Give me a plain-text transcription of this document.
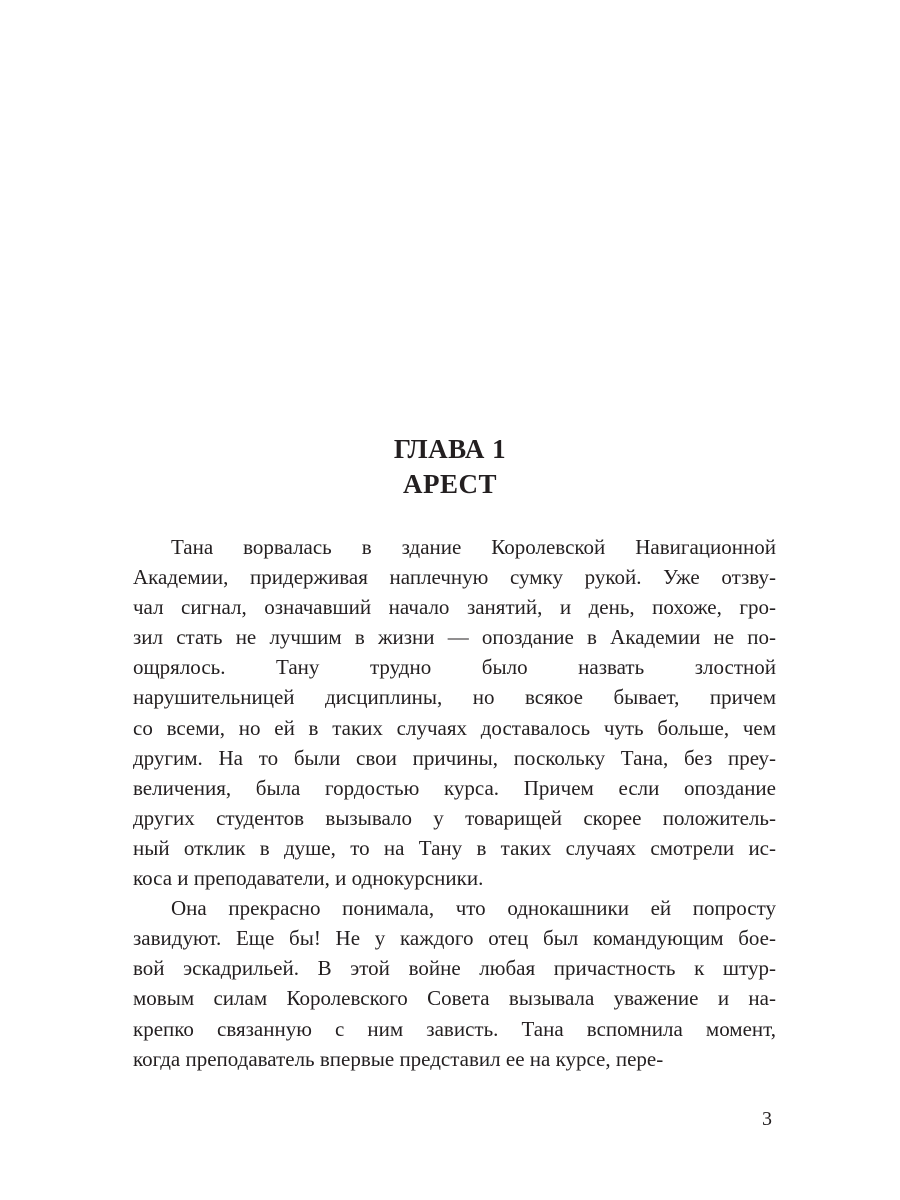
ГЛАВА 1
АРЕСТ
Тана ворвалась в здание Королевской Навигационной
Академии, придерживая наплечную сумку рукой. Уже отзву-
чал сигнал, означавший начало занятий, и день, похоже, гро-
зил стать не лучшим в жизни — опоздание в Академии не по-
ощрялось. Тану трудно было назвать злостной
нарушительницей дисциплины, но всякое бывает, причем
со всеми, но ей в таких случаях доставалось чуть больше, чем
другим. На то были свои причины, поскольку Тана, без преу-
величения, была гордостью курса. Причем если опоздание
других студентов вызывало у товарищей скорее положитель-
ный отклик в душе, то на Тану в таких случаях смотрели ис-
коса и преподаватели, и однокурсники.
Она прекрасно понимала, что однокашники ей попросту
завидуют. Еще бы! Не у каждого отец был командующим бое-
вой эскадрильей. В этой войне любая причастность к штур-
мовым силам Королевского Совета вызывала уважение и на-
крепко связанную с ним зависть. Тана вспомнила момент,
когда преподаватель впервые представил ее на курсе, пере-
3
